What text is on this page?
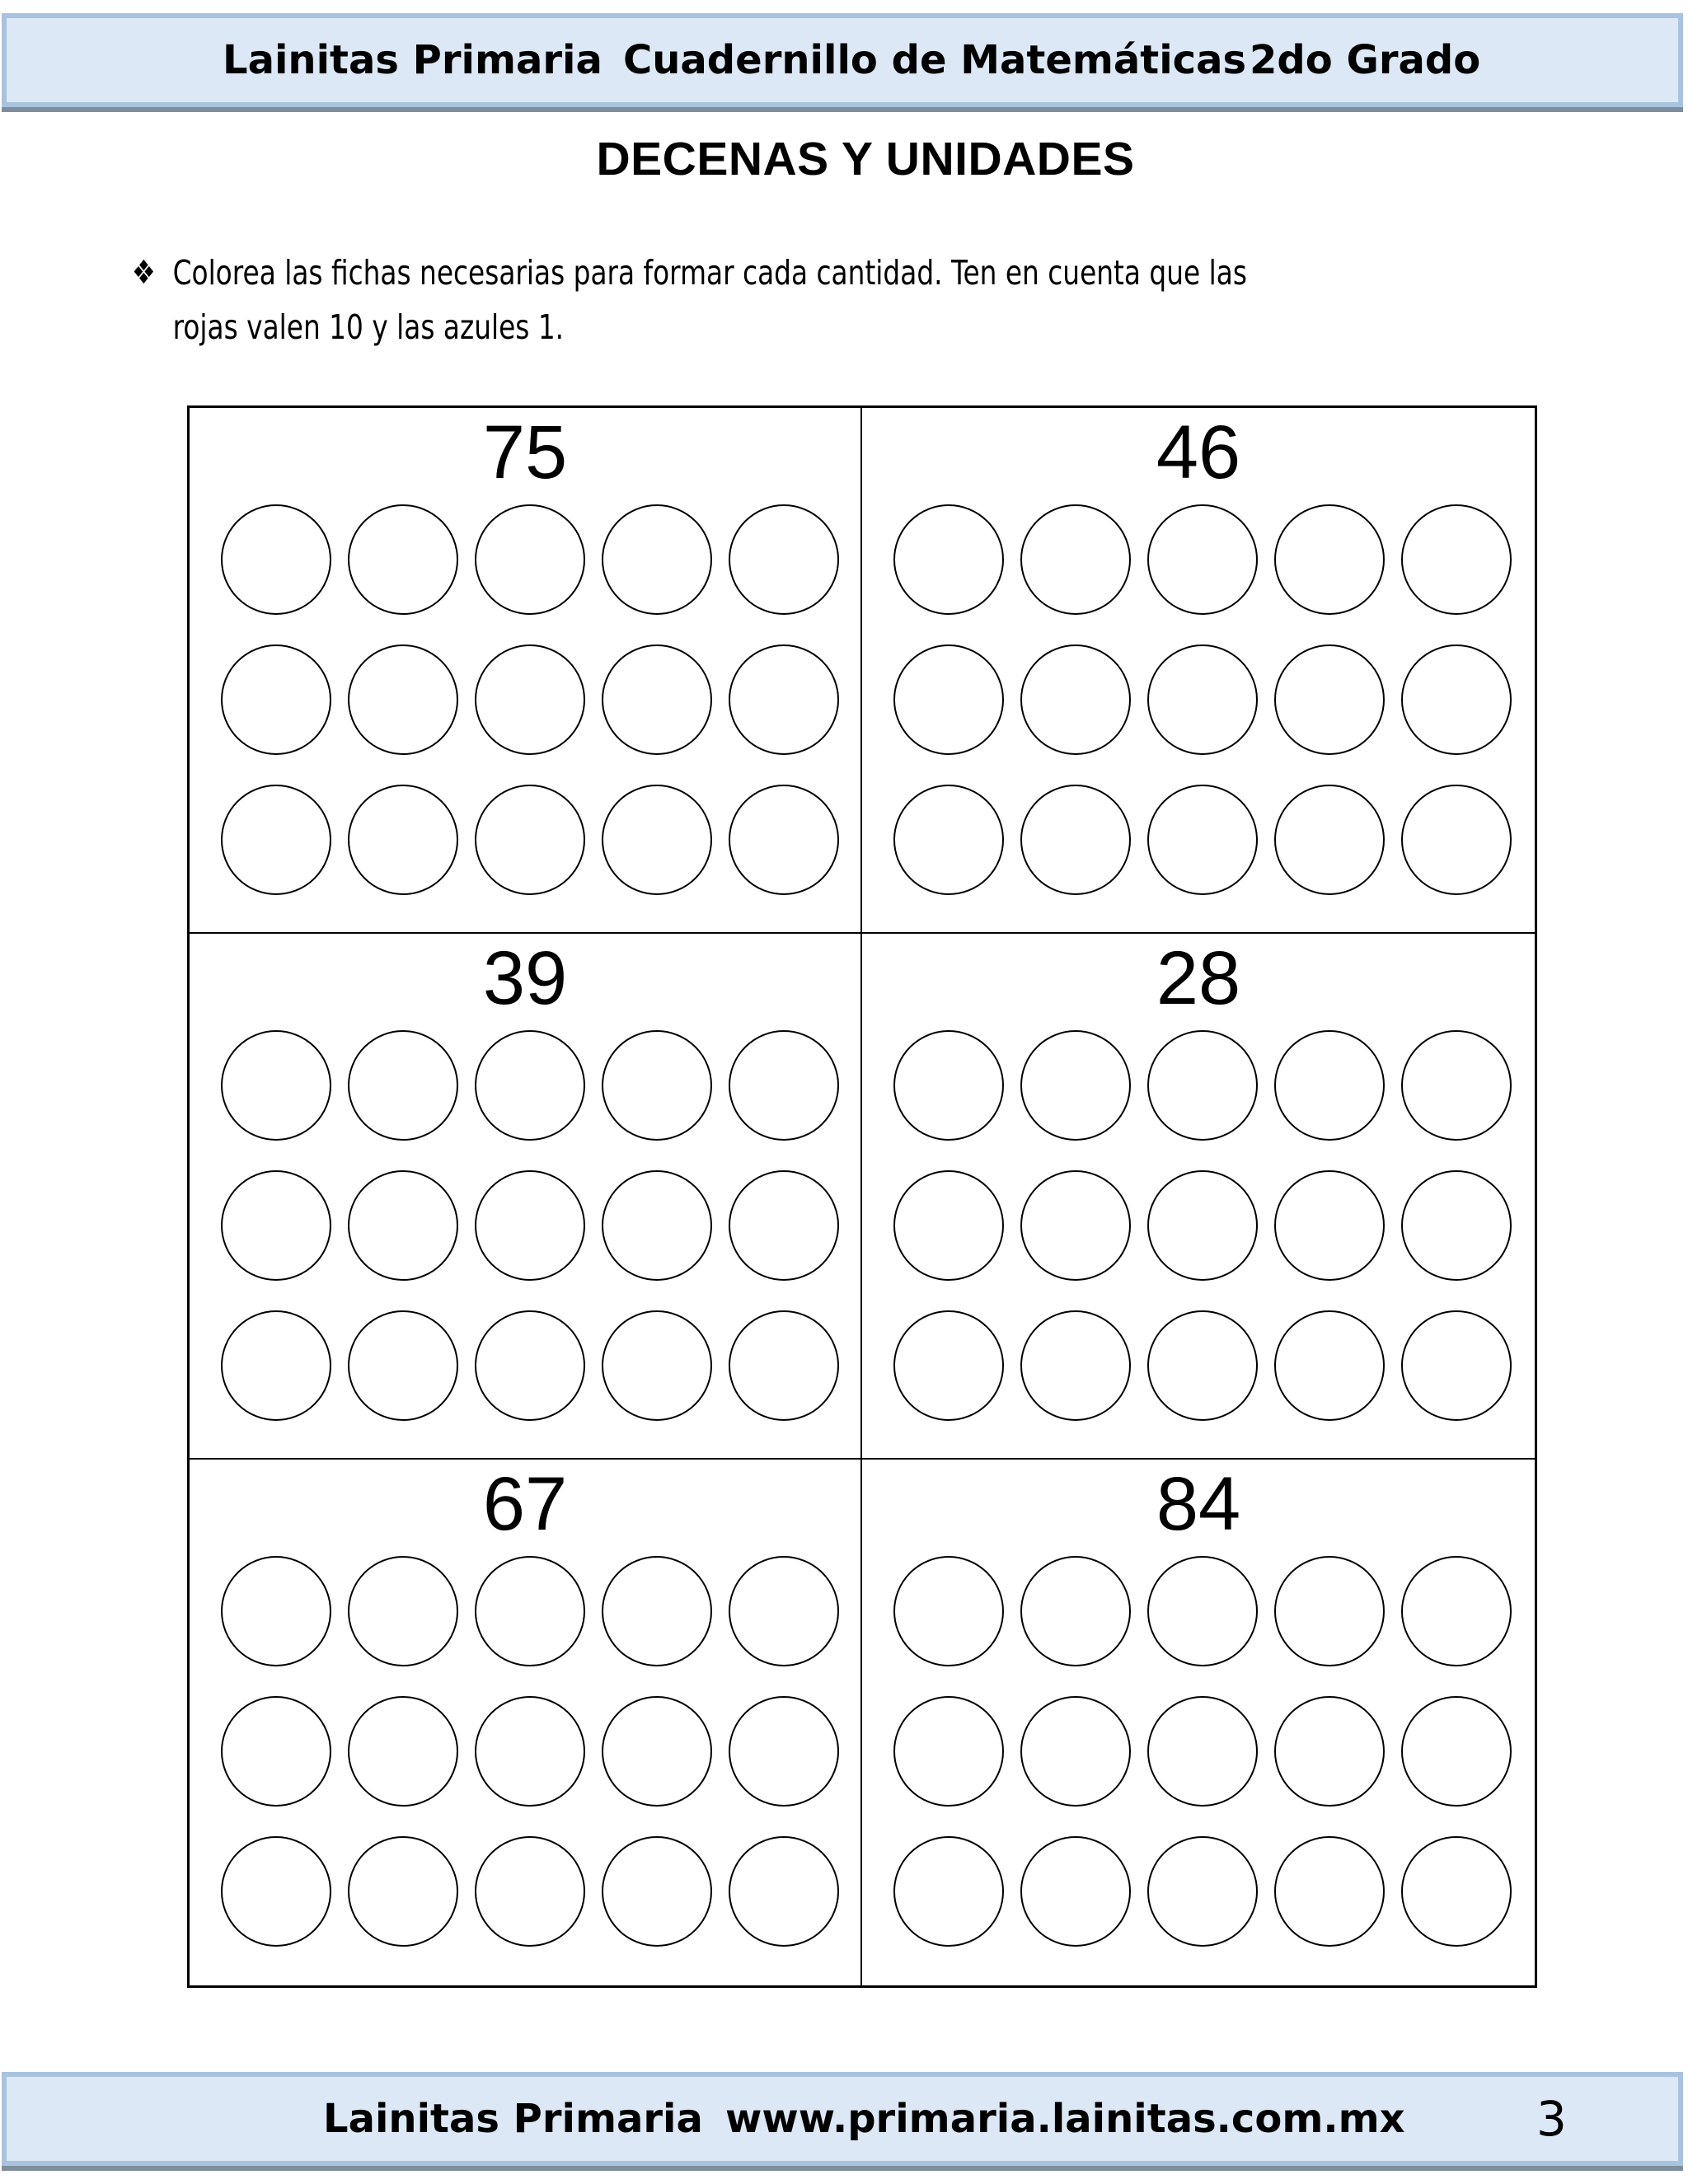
Lainitas Primaria Cuadernillo de Matemáticas 2do Grado
DECENAS Y UNIDADES
❖ Colorea las fichas necesarias para formar cada cantidad. Ten en cuenta que las rojas valen 10 y las azules 1.
75	46
39	28
67	84
Lainitas Primaria www.primaria.lainitas.com.mx	3
